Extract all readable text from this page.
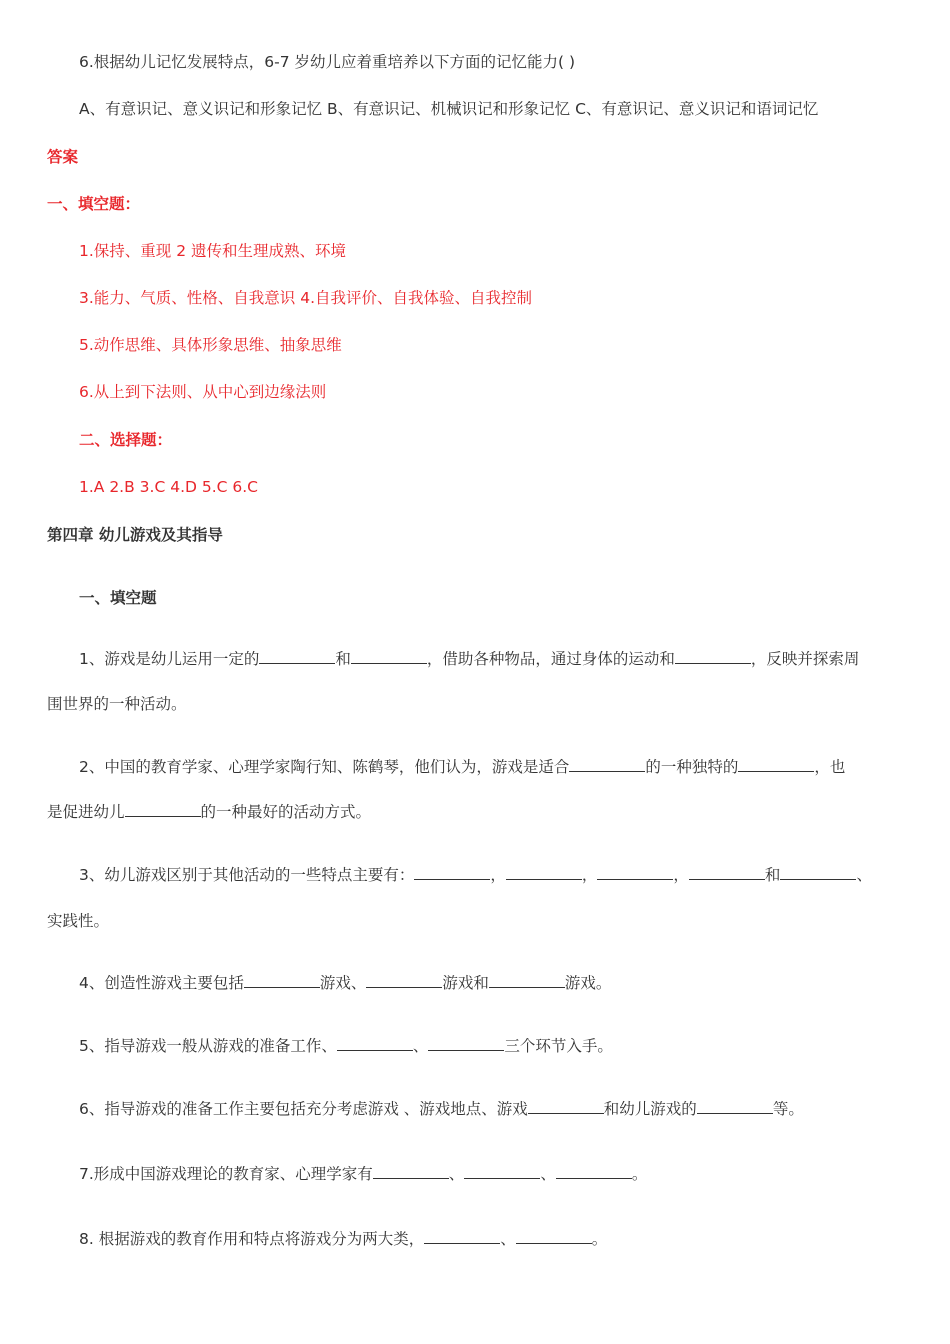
6.根据幼儿记忆发展特点，6-7 岁幼儿应着重培养以下方面的记忆能力( )
A、有意识记、意义识记和形象记忆 B、有意识记、机械识记和形象记忆 C、有意识记、意义识记和语词记忆
答案
一、填空题：
1.保持、重现 2 遗传和生理成熟、环境
3.能力、气质、性格、自我意识 4.自我评价、自我体验、自我控制
5.动作思维、具体形象思维、抽象思维
6.从上到下法则、从中心到边缘法则
二、选择题：
1.A 2.B 3.C 4.D 5.C 6.C
第四章 幼儿游戏及其指导
一、填空题
1、游戏是幼儿运用一定的	和	，借助各种物品，通过身体的运动和	，反映并探索周
围世界的一种活动。
2、中国的教育学家、心理学家陶行知、陈鹤琴，他们认为，游戏是适合	的一种独特的	，也
是促进幼儿	的一种最好的活动方式。
3、幼儿游戏区别于其他活动的一些特点主要有：	，	，	，	和	、
实践性。
4、创造性游戏主要包括	游戏、	游戏和	游戏。
5、指导游戏一般从游戏的准备工作、	、	三个环节入手。
6、指导游戏的准备工作主要包括充分考虑游戏 、游戏地点、游戏	和幼儿游戏的	等。
7.形成中国游戏理论的教育家、心理学家有	、	、	。
8. 根据游戏的教育作用和特点将游戏分为两大类，	、	。
